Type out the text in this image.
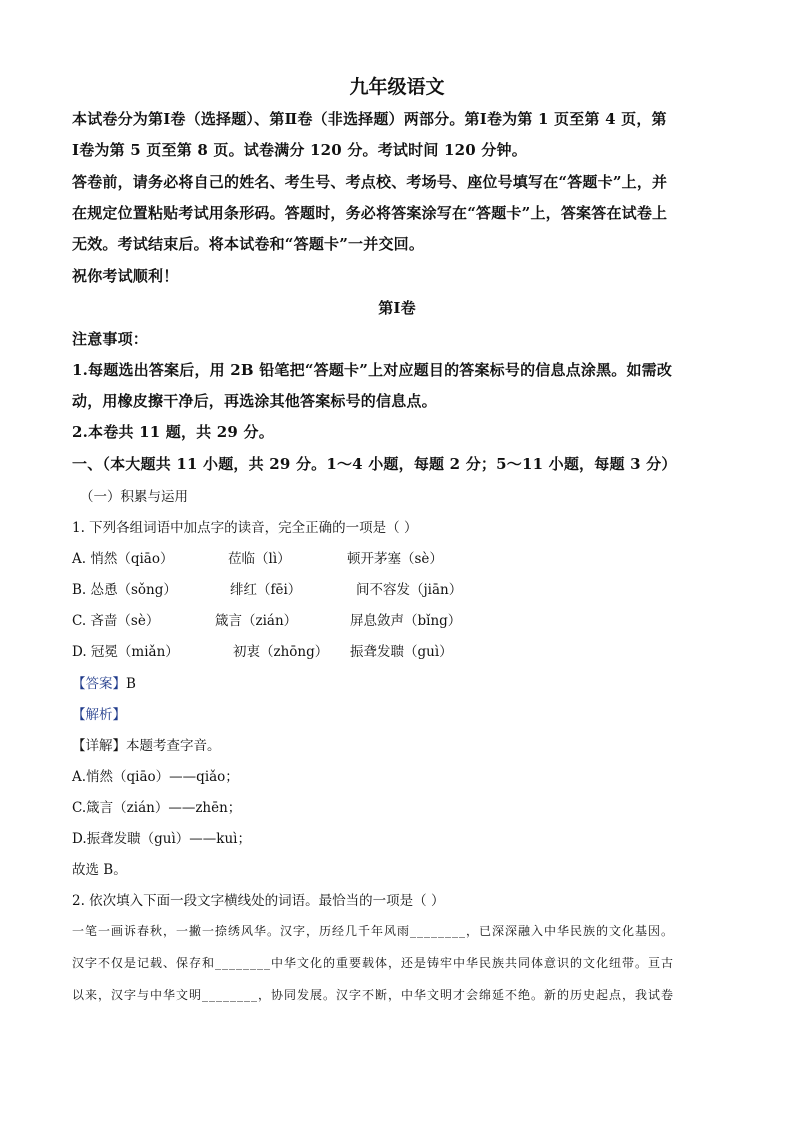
九年级语文
本试卷分为第Ⅰ卷（选择题）、第Ⅱ卷（非选择题）两部分。第Ⅰ卷为第 1 页至第 4 页，第
Ⅰ卷为第 5 页至第 8 页。试卷满分 120 分。考试时间 120 分钟。
答卷前，请务必将自己的姓名、考生号、考点校、考场号、座位号填写在“答题卡”上，并
在规定位置粘贴考试用条形码。答题时，务必将答案涂写在“答题卡”上，答案答在试卷上
无效。考试结束后。将本试卷和“答题卡”一并交回。
祝你考试顺利！
第Ⅰ卷
注意事项：
1.每题选出答案后，用 2B 铅笔把“答题卡”上对应题目的答案标号的信息点涂黑。如需改
动，用橡皮擦干净后，再选涂其他答案标号的信息点。
2.本卷共 11 题，共 29 分。
一、（本大题共 11 小题，共 29 分。1～4 小题，每题 2 分；5～11 小题，每题 3 分）
（一）积累与运用
1. 下列各组词语中加点字的读音，完全正确的一项是（ ）
A. 悄然（qiāo）	莅临（lì）	顿开茅塞（sè）
B. 怂恿（sǒng）	绯红（fēi）	间不容发（jiān）
C. 吝啬（sè）	箴言（zián）	屏息敛声（bǐng）
D. 冠冕（miǎn）	初衷（zhōng） 振聋发聩（guì）
【答案】B
【解析】
【详解】本题考查字音。
A.悄然（qiāo）——qiǎo；
C.箴言（zián）——zhēn；
D.振聋发聩（guì）——kuì；
故选 B。
2. 依次填入下面一段文字横线处的词语。最恰当的一项是（ ）
一笔一画诉春秋，一撇一捺绣风华。汉字，历经几千年风雨________，已深深融入中华民族的文化基因。
汉字不仅是记载、保存和________中华文化的重要载体，还是铸牢中华民族共同体意识的文化纽带。亘古
以来，汉字与中华文明________，协同发展。汉字不断，中华文明才会绵延不绝。新的历史起点，我试卷
